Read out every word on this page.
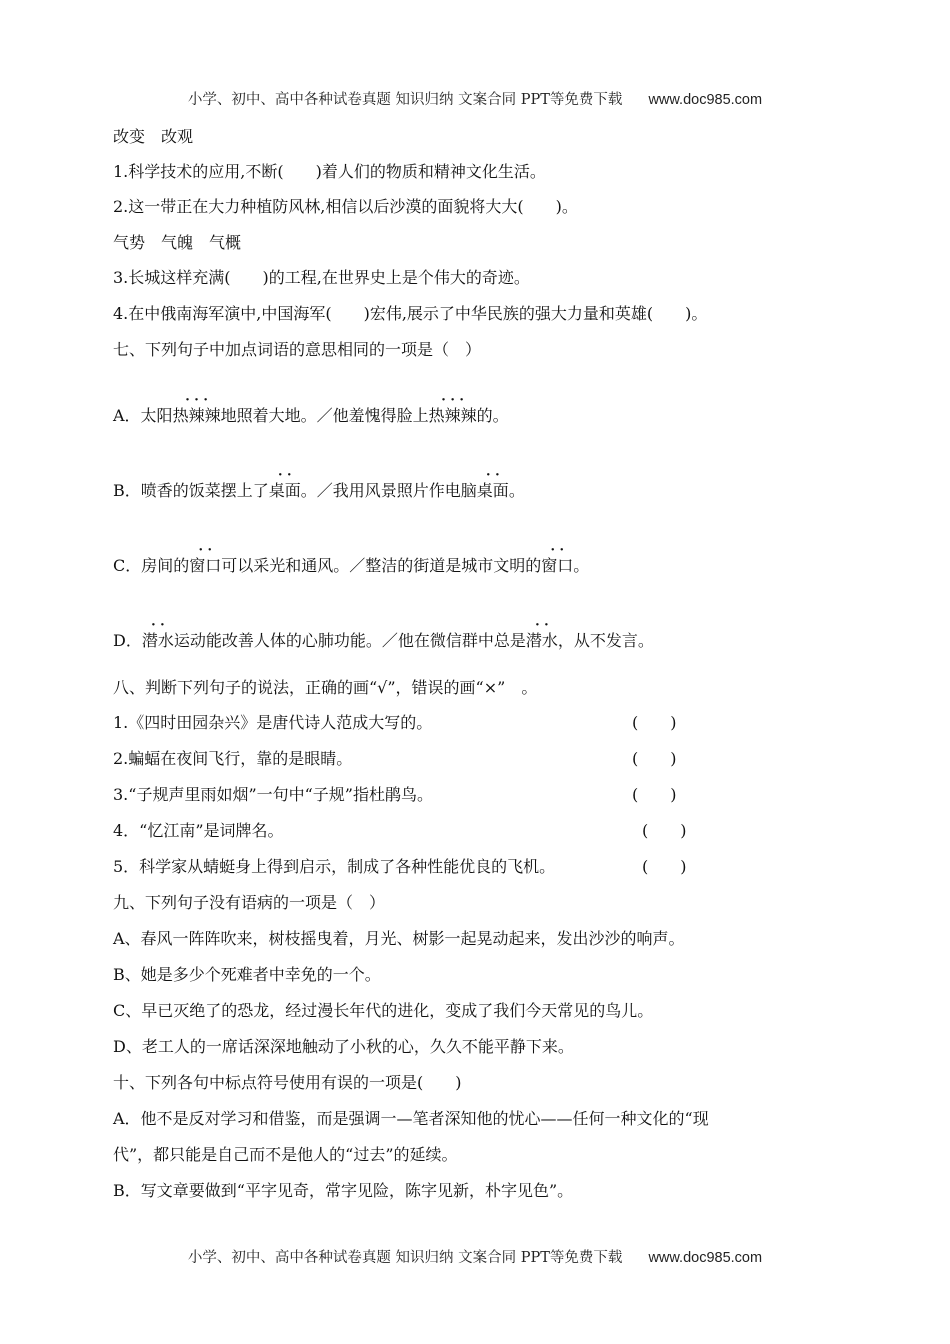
小学、初中、高中各种试卷真题 知识归纳 文案合同 PPT等免费下载 www.doc985.com
改变　改观
1.科学技术的应用,不断(　　)着人们的物质和精神文化生活。
2.这一带正在大力种植防风林,相信以后沙漠的面貌将大大(　　)。
气势　气魄　气概
3.长城这样充满(　　)的工程,在世界史上是个伟大的奇迹。
4.在中俄南海军演中,中国海军(　　)宏伟,展示了中华民族的强大力量和英雄(　　)。
七、下列句子中加点词语的意思相同的一项是（　）
A．太阳· · · 热辣辣地照着大地。／他羞愧得脸上· · · 热辣辣的。
B．喷香的饭菜摆上了· · 桌面。／我用风景照片作电脑· · 桌面。
C．房间的· · 窗口可以采光和通风。／整洁的街道是城市文明的· · 窗口。
D．· · 潜水运动能改善人体的心肺功能。／他在微信群中总是· · 潜水，从不发言。
八、判断下列句子的说法，正确的画“√”，错误的画“×”　。
1.《四时田园杂兴》是唐代诗人范成大写的。	(　　)
2.蝙蝠在夜间飞行，靠的是眼睛。	(　　)
3.“子规声里雨如烟”一句中“子规”指杜鹃鸟。	(　　)
4．“忆江南”是词牌名。	(　　)
5．科学家从蜻蜓身上得到启示，制成了各种性能优良的飞机。	(　　)
九、下列句子没有语病的一项是（　）
A、春风一阵阵吹来，树枝摇曳着，月光、树影一起晃动起来，发出沙沙的响声。
B、她是多少个死难者中幸免的一个。
C、早已灭绝了的恐龙，经过漫长年代的进化，变成了我们今天常见的鸟儿。
D、老工人的一席话深深地触动了小秋的心，久久不能平静下来。
十、下列各句中标点符号使用有误的一项是(　　)
A．他不是反对学习和借鉴，而是强调一—笔者深知他的忧心——任何一种文化的“现
代”，都只能是自己而不是他人的“过去”的延续。
B．写文章要做到“平字见奇，常字见险，陈字见新，朴字见色”。
小学、初中、高中各种试卷真题 知识归纳 文案合同 PPT等免费下载 www.doc985.com
